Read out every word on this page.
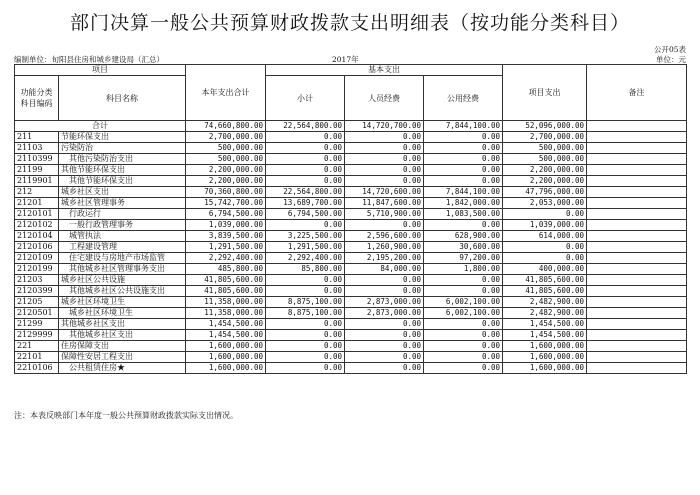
部门决算一般公共预算财政拨款支出明细表（按功能分类科目）
公开05表
编制单位：旬阳县住房和城乡建设局（汇总）	2017年	单位：元
项目		本年支出合计	基本支出			项目支出	备注
功能分类科目编码	科目名称		小计	人员经费	公用经费		
合计		74,660,800.00	22,564,800.00	14,720,700.00	7,844,100.00	52,096,000.00	
211	节能环保支出	2,700,000.00	0.00	0.00	0.00	2,700,000.00	
21103	污染防治	500,000.00	0.00	0.00	0.00	500,000.00	
2110399	其他污染防治支出	500,000.00	0.00	0.00	0.00	500,000.00	
21199	其他节能环保支出	2,200,000.00	0.00	0.00	0.00	2,200,000.00	
2119901	其他节能环保支出	2,200,000.00	0.00	0.00	0.00	2,200,000.00	
212	城乡社区支出	70,360,800.00	22,564,800.00	14,720,600.00	7,844,100.00	47,796,000.00	
21201	城乡社区管理事务	15,742,700.00	13,689,700.00	11,847,600.00	1,842,000.00	2,053,000.00	
2120101	行政运行	6,794,500.00	6,794,500.00	5,710,900.00	1,083,500.00	0.00	
2120102	一般行政管理事务	1,039,000.00	0.00	0.00	0.00	1,039,000.00	
2120104	城管执法	3,839,500.00	3,225,500.00	2,596,600.00	628,900.00	614,000.00	
2120106	工程建设管理	1,291,500.00	1,291,500.00	1,260,900.00	30,600.00	0.00	
2120109	住宅建设与房地产市场监管	2,292,400.00	2,292,400.00	2,195,200.00	97,200.00	0.00	
2120199	其他城乡社区管理事务支出	485,800.00	85,800.00	84,000.00	1,800.00	400,000.00	
21203	城乡社区公共设施	41,805,600.00	0.00	0.00	0.00	41,805,600.00	
2120399	其他城乡社区公共设施支出	41,805,600.00	0.00	0.00	0.00	41,805,600.00	
21205	城乡社区环境卫生	11,358,000.00	8,875,100.00	2,873,000.00	6,002,100.00	2,482,900.00	
2120501	城乡社区环境卫生	11,358,000.00	8,875,100.00	2,873,000.00	6,002,100.00	2,482,900.00	
21299	其他城乡社区支出	1,454,500.00	0.00	0.00	0.00	1,454,500.00	
2129999	其他城乡社区支出	1,454,500.00	0.00	0.00	0.00	1,454,500.00	
221	住房保障支出	1,600,000.00	0.00	0.00	0.00	1,600,000.00	
22101	保障性安居工程支出	1,600,000.00	0.00	0.00	0.00	1,600,000.00	
2210106	公共租赁住房★	1,600,000.00	0.00	0.00	0.00	1,600,000.00	
注：本表反映部门本年度一般公共预算财政拨款实际支出情况。
